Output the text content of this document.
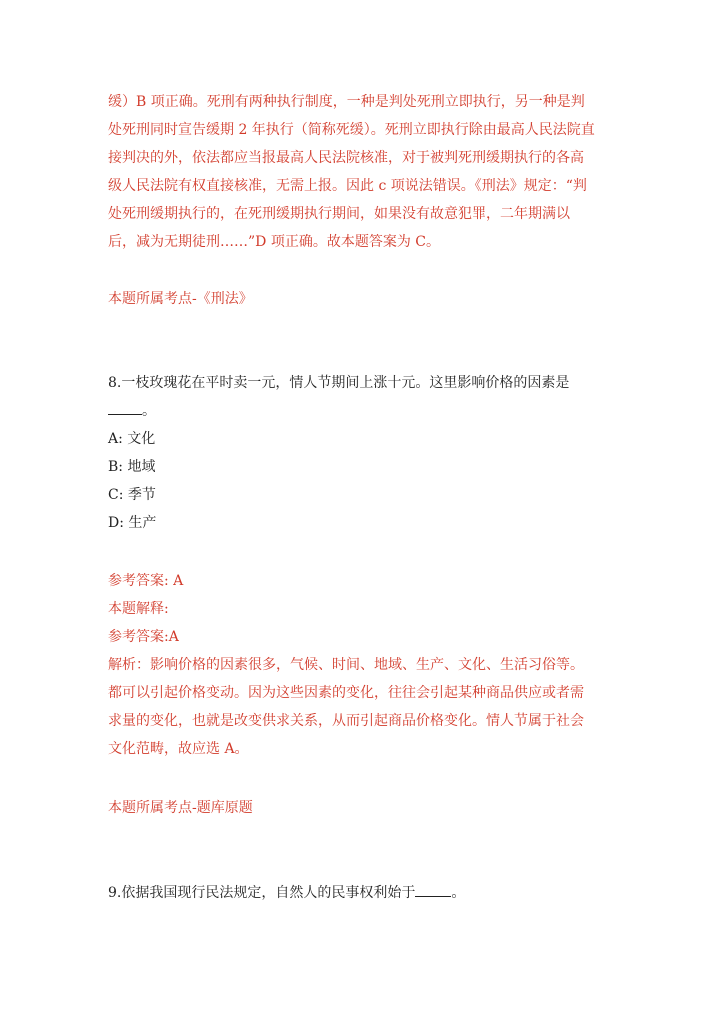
缓）B 项正确。死刑有两种执行制度，一种是判处死刑立即执行，另一种是判
处死刑同时宣告缓期 2 年执行（简称死缓）。死刑立即执行除由最高人民法院直
接判决的外，依法都应当报最高人民法院核准，对于被判死刑缓期执行的各高
级人民法院有权直接核准，无需上报。因此 c 项说法错误。《刑法》规定：“判
处死刑缓期执行的，在死刑缓期执行期间，如果没有故意犯罪，二年期满以
后，减为无期徒刑……”D 项正确。故本题答案为 C。
本题所属考点-《刑法》
8.一枝玫瑰花在平时卖一元，情人节期间上涨十元。这里影响价格的因素是
。
A: 文化
B: 地域
C: 季节
D: 生产
参考答案: A
本题解释:
参考答案:A
解析：影响价格的因素很多，气候、时间、地域、生产、文化、生活习俗等。
都可以引起价格变动。因为这些因素的变化，往往会引起某种商品供应或者需
求量的变化，也就是改变供求关系，从而引起商品价格变化。情人节属于社会
文化范畴，故应选 A。
本题所属考点-题库原题
9.依据我国现行民法规定，自然人的民事权利始于	。
